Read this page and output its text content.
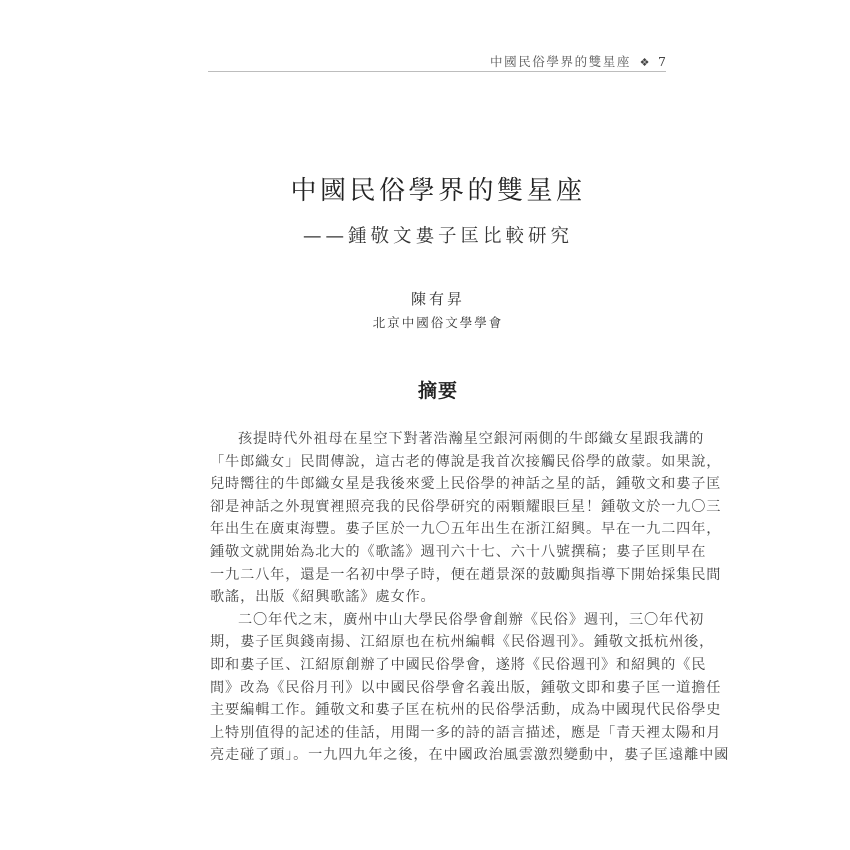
中國民俗學界的雙星座 ❖ 7
中國民俗學界的雙星座
——鍾敬文婁子匡比較研究
陳有昇
北京中國俗文學學會
摘要
孩提時代外祖母在星空下對著浩瀚星空銀河兩側的牛郎織女星跟我講的
「牛郎織女」民間傳說，這古老的傳說是我首次接觸民俗學的啟蒙。如果說，
兒時嚮往的牛郎織女星是我後來愛上民俗學的神話之星的話，鍾敬文和婁子匡
卻是神話之外現實裡照亮我的民俗學研究的兩顆耀眼巨星！鍾敬文於一九〇三
年出生在廣東海豐。婁子匡於一九〇五年出生在浙江紹興。早在一九二四年，
鍾敬文就開始為北大的《歌謠》週刊六十七、六十八號撰稿；婁子匡則早在
一九二八年，還是一名初中學子時，便在趙景深的鼓勵與指導下開始採集民間
歌謠，出版《紹興歌謠》處女作。
二〇年代之末，廣州中山大學民俗學會創辦《民俗》週刊，三〇年代初
期，婁子匡與錢南揚、江紹原也在杭州編輯《民俗週刊》。鍾敬文抵杭州後，
即和婁子匡、江紹原創辦了中國民俗學會，遂將《民俗週刊》和紹興的《民
間》改為《民俗月刊》以中國民俗學會名義出版，鍾敬文即和婁子匡一道擔任
主要編輯工作。鍾敬文和婁子匡在杭州的民俗學活動，成為中國現代民俗學史
上特別值得的記述的佳話，用聞一多的詩的語言描述，應是「青天裡太陽和月
亮走碰了頭」。一九四九年之後，在中國政治風雲激烈變動中，婁子匡遠離中國
